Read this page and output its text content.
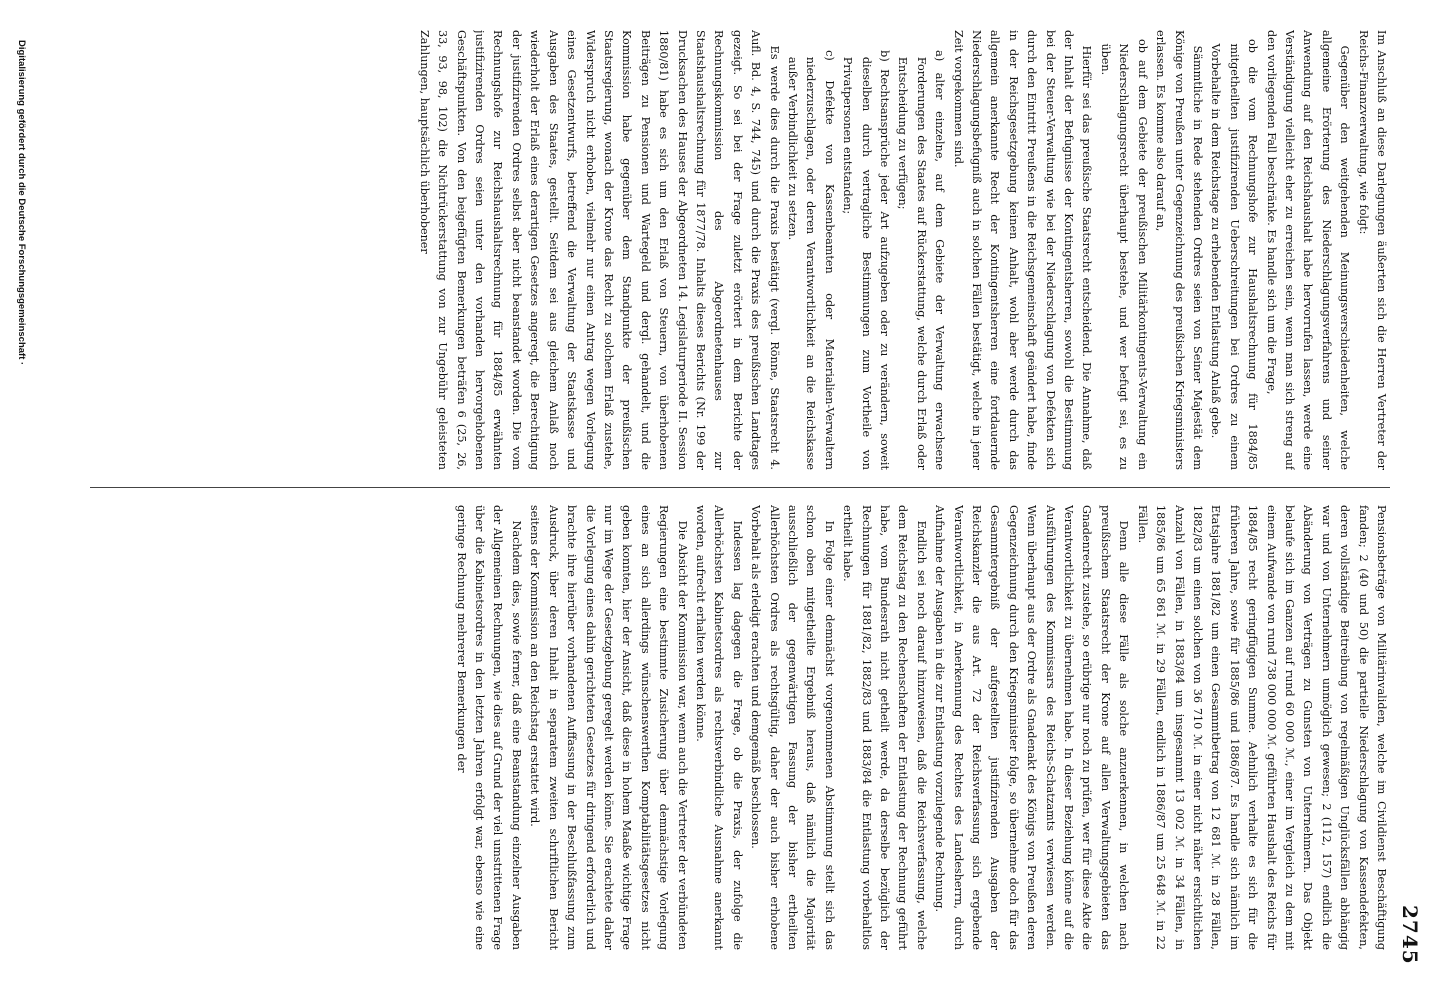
2745

Im Anschluß an diese Darlegungen äußerten sich die Herren Vertreter der Reichs-Finanzverwaltung, wie folgt:

Gegenüber den weitgehenden Meinungsverschiedenheiten, welche allgemeine Erörterung des Niederschlagungsverfahrens und seiner Anwendung auf den Reichshaushalt habe hervorrufen lassen, werde eine Verständigung vielleicht eher zu erreichen sein, wenn man sich streng auf den vorliegenden Fall beschränke. Es handle sich um die Frage,

ob die vom Rechnungshofe zur Haushaltsrechnung für 1884/85 mitgetheilten justifizirenden Ueberschreitungen bei Ordres zu einem Vorbehalte in dem Reichstage zu erhebenden Entlastung Anlaß gebe.

Sämmtliche in Rede stehenden Ordres seien von Seiner Majestät dem Könige von Preußen unter Gegenzeichnung des preußischen Kriegsministers erlassen. Es komme also darauf an,

ob auf dem Gebiete der preußischen Militärkontingents-Verwaltung ein Niederschlagungsrecht überhaupt bestehe, und wer befugt sei, es zu üben.

Hierfür sei das preußische Staatsrecht entscheidend. Die Annahme, daß der Inhalt der Befugnisse der Kontingentsherren, sowohl die Bestimmung bei der Steuer-Verwaltung wie bei der Niederschlagung von Defekten sich durch den Eintritt Preußens in die Reichsgemeinschaft geändert habe, finde in der Reichsgesetzgebung keinen Anhalt, wohl aber werde durch das allgemein anerkannte Recht der Kontingentsherren eine fortdauernde Niederschlagungsbefugniß auch in solchen Fällen bestätigt, welche in jener Zeit vorgekommen sind.

a) alter einzelne, auf dem Gebiete der Verwaltung erwachsene Forderungen des Staates auf Rückerstattung, welche durch Erlaß oder Entscheidung zu verfügen;

b) Rechtsansprüche jeder Art aufzugeben oder zu verändern, soweit dieselben durch vertragliche Bestimmungen zum Vortheile von Privatpersonen entstanden;

c) Defekte von Kassenbeamten oder Materialien-Verwaltern niederzuschlagen, oder deren Verantwortlichkeit an die Reichskasse außer Verbindlichkeit zu setzen.

Es werde dies durch die Praxis bestätigt (vergl. Rönne, Staatsrecht 4. Aufl. Bd. 4, S. 744, 745) und durch die Praxis des preußischen Landtages gezeigt. So sei bei der Frage zuletzt erörtert in dem Berichte der Rechnungskommission des Abgeordnetenhauses zur Staatshaushaltsrechnung für 1877/78. Inhalts dieses Berichts (Nr. 199 der Drucksachen des Hauses der Abgeordneten 14. Legislaturperiode II. Session 1880/81) habe es sich um den Erlaß von Steuern, von überhobenen Beiträgen zu Pensionen und Wartegeld und dergl. gehandelt, und die Kommission habe gegenüber dem Standpunkte der preußischen Staatsregierung, wonach der Krone das Recht zu solchem Erlaß zustehe, Widerspruch nicht erhoben, vielmehr nur einen Antrag wegen Vorlegung eines Gesetzentwurfs, betreffend die Verwaltung der Staatskasse und Ausgaben des Staates, gestellt. Seitdem sei aus gleichem Anlaß noch wiederholt der Erlaß eines derartigen Gesetzes angeregt, die Berechtigung der justifizirenden Ordres selbst aber nicht beanstandet worden. Die vom Rechnungshofe zur Reichshaushaltsrechnung für 1884/85 erwähnten justifizirenden Ordres seien unter den vorhanden hervorgehobenen Geschäftspunkten. Von den beigefügten Bemerkungen beträfen 6 (25, 26, 33, 93, 98, 102) die Nichtrückerstattung von zur Ungebühr geleisteten Zahlungen, hauptsächlich überhobener

Pensionsbeträge von Militärinvaliden, welche im Civildienst Beschäftigung fanden; 2 (40 und 50) die partielle Niederschlagung von Kassendefekten, deren vollständige Beitreibung von regelmäßigen Unglücksfällen abhängig war und von Unternehmern unmöglich gewesen; 2 (112, 157) endlich die Abänderung von Verträgen zu Gunsten von Unternehmern. Das Objekt belaufe sich im Ganzen auf rund 60 000 ℳ., einer im Vergleich zu dem mit einem Aufwande von rund 738 000 000 ℳ. geführten Haushalt des Reichs für 1884/85 recht geringfügigen Summe. Aehnlich verhalte es sich für die früheren Jahre, sowie für 1885/86 und 1886/87. Es handle sich nämlich im Etatsjahre 1881/82 um einen Gesammtbetrag von 12 681 ℳ. in 28 Fällen, 1882/83 um einen solchen von 36 710 ℳ. in einer nicht näher ersichtlichen Anzahl von Fällen, in 1883/84 um insgesammt 13 002 ℳ. in 34 Fällen, in 1885/86 um 65 861 ℳ. in 29 Fällen, endlich in 1886/87 um 25 648 ℳ. in 22 Fällen.

Denn alle diese Fälle als solche anzuerkennen, in welchen nach preußischem Staatsrecht der Krone auf allen Verwaltungsgebieten das Gnadenrecht zustehe, so erübrige nur noch zu prüfen, wer für diese Akte die Verantwortlichkeit zu übernehmen habe. In dieser Beziehung könne auf die Ausführungen des Kommissars des Reichs-Schatzamts verwiesen werden. Wenn überhaupt aus der Ordre als Gnadenakt des Königs von Preußen deren Gegenzeichnung durch den Kriegsminister folge, so übernehme doch für das Gesammtergebniß der aufgestellten justifizirenden Ausgaben der Reichskanzler die aus Art. 72 der Reichsverfassung sich ergebende Verantwortlichkeit, in Anerkennung des Rechtes des Landesherrn, durch Aufnahme der Ausgaben in die zur Entlastung vorzulegende Rechnung.

Endlich sei noch darauf hinzuweisen, daß die Reichsverfassung, welche dem Reichstag zu den Rechenschaften der Entlastung der Rechnung geführt habe, vom Bundesrath nicht getheilt werde, da derselbe bezüglich der Rechnungen für 1881/82, 1882/83 und 1883/84 die Entlastung vorbehaltlos ertheilt habe.

In Folge einer demnächst vorgenommenen Abstimmung stellt sich das schon oben mitgetheilte Ergebniß heraus, daß nämlich die Majorität ausschließlich der gegenwärtigen Fassung der bisher ertheilten Allerhöchsten Ordres als rechtsgültig, daher der auch bisher erhobene Vorbehalt als erledigt erachten und demgemäß beschlossen.

Indessen lag dagegen die Frage, ob die Praxis, der zufolge die Allerhöchsten Kabinetsordres als rechtsverbindliche Ausnahme anerkannt worden, aufrecht erhalten werden könne.

Die Absicht der Kommission war, wenn auch die Vertreter der verbündeten Regierungen eine bestimmte Zusicherung über demnächstige Vorlegung eines an sich allerdings wünschenswerthen Komptabilitätsgesetzes nicht geben konnten, hier der Ansicht, daß diese in hohem Maaße wichtige Frage nur im Wege der Gesetzgebung geregelt werden könne. Sie erachtete daher die Vorlegung eines dahin gerichteten Gesetzes für dringend erforderlich und brachte ihre hierüber vorhandenen Auffassung in der Beschlußfassung zum Ausdruck, über deren Inhalt in separatem zweiten schriftlichen Bericht seitens der Kommission an den Reichstag erstattet wird.

Nachdem dies, sowie ferner, daß eine Beanstandung einzelner Ausgaben der Allgemeinen Rechnungen, wie dies auf Grund der viel umstrittenen Frage über die Kabinetsordres in den letzten Jahren erfolgt war, ebenso wie eine geringe Rechnung mehrerer Bemerkungen der

Digitalisierung gefördert durch die Deutsche Forschungsgemeinschaft ·
